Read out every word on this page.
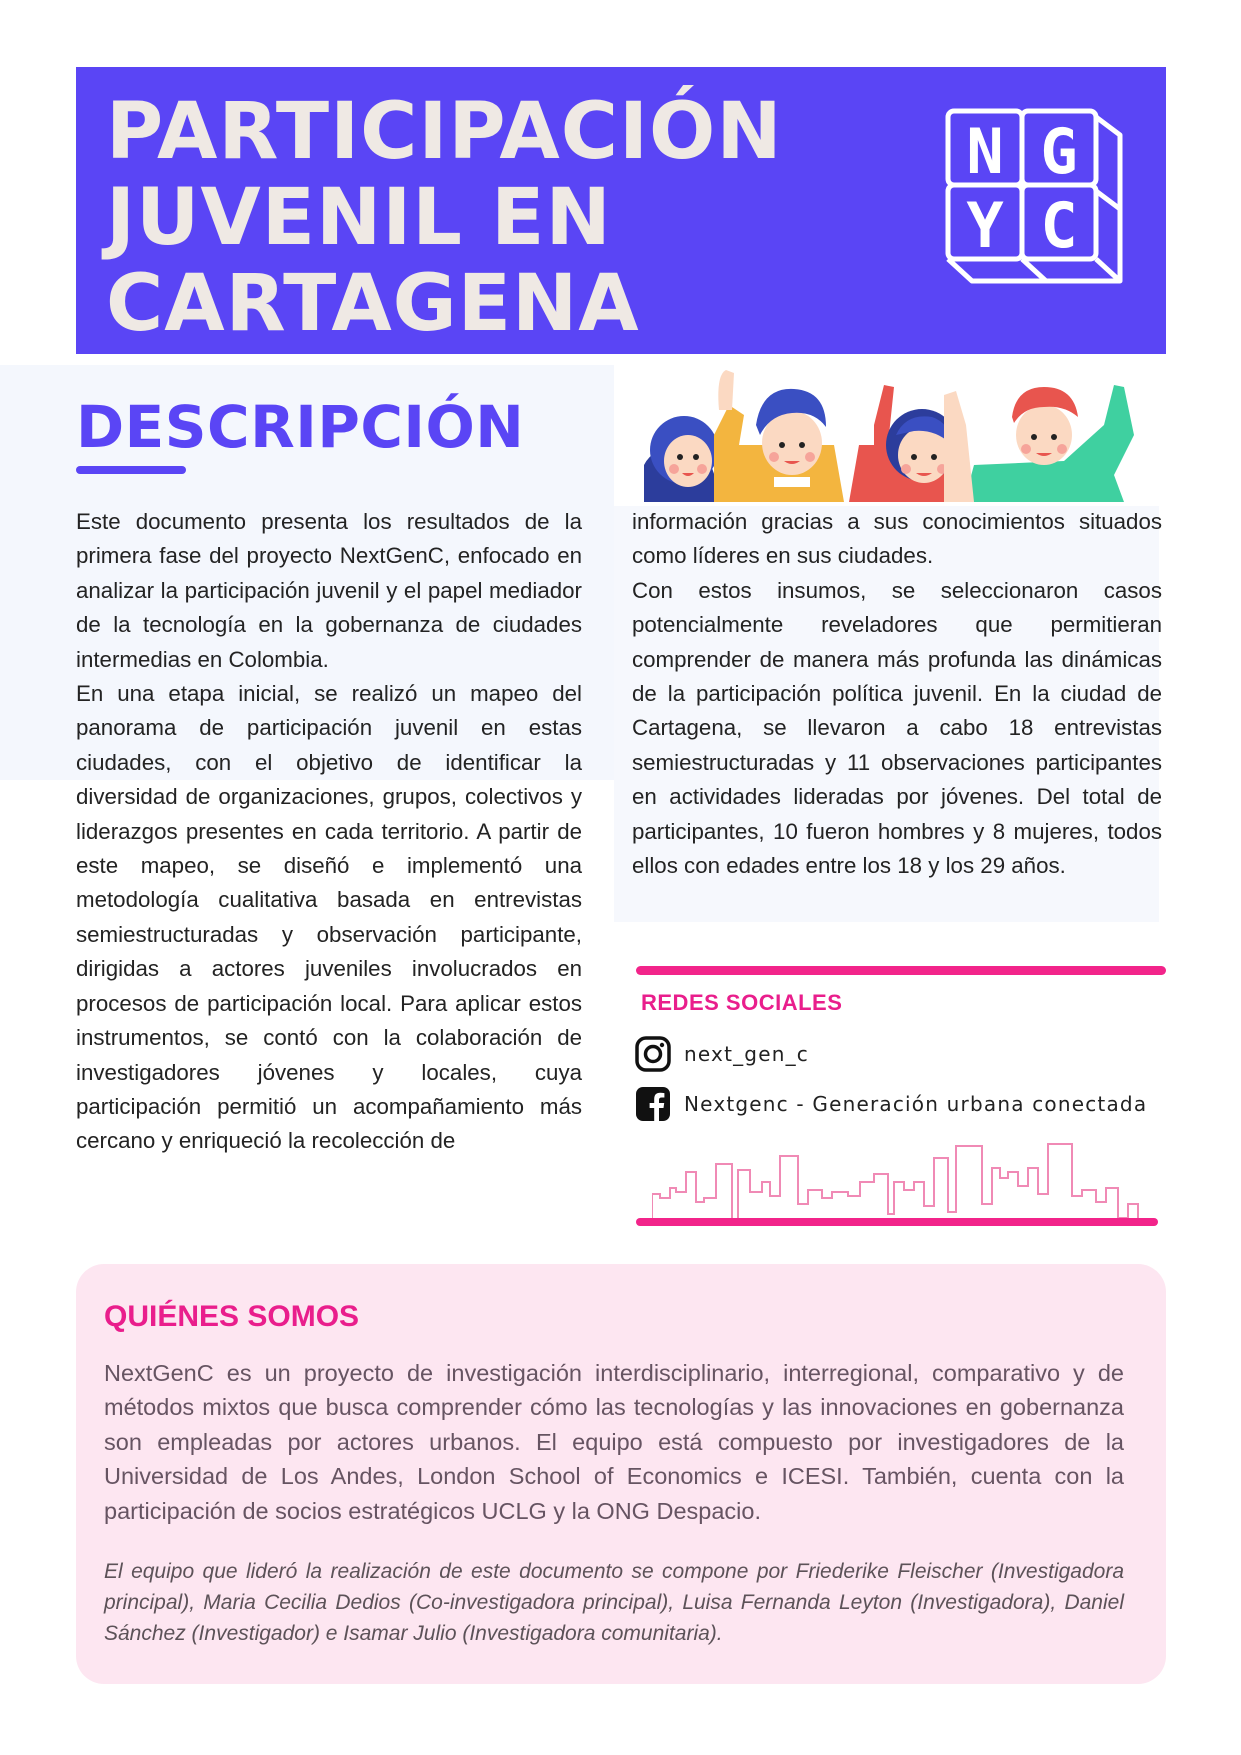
PARTICIPACIÓN
JUVENIL EN
CARTAGENA
N G
Y C
DESCRIPCIÓN

Este documento presenta los resultados de la primera fase del proyecto NextGenC, enfocado en analizar la participación juvenil y el papel mediador de la tecnología en la gobernanza de ciudades intermedias en Colombia.

En una etapa inicial, se realizó un mapeo del panorama de participación juvenil en estas ciudades, con el objetivo de identificar la diversidad de organizaciones, grupos, colectivos y liderazgos presentes en cada territorio. A partir de este mapeo, se diseñó e implementó una metodología cualitativa basada en entrevistas semiestructuradas y observación participante, dirigidas a actores juveniles involucrados en procesos de participación local. Para aplicar estos instrumentos, se contó con la colaboración de investigadores jóvenes y locales, cuya participación permitió un acompañamiento más cercano y enriqueció la recolección de

información gracias a sus conocimientos situados como líderes en sus ciudades.

Con estos insumos, se seleccionaron casos potencialmente reveladores que permitieran comprender de manera más profunda las dinámicas de la participación política juvenil. En la ciudad de Cartagena, se llevaron a cabo 18 entrevistas semiestructuradas y 11 observaciones participantes en actividades lideradas por jóvenes. Del total de participantes, 10 fueron hombres y 8 mujeres, todos ellos con edades entre los 18 y los 29 años.

REDES SOCIALES
next_gen_c
Nextgenc - Generación urbana conectada
QUIÉNES SOMOS

NextGenC es un proyecto de investigación interdisciplinario, interregional, comparativo y de métodos mixtos que busca comprender cómo las tecnologías y las innovaciones en gobernanza son empleadas por actores urbanos. El equipo está compuesto por investigadores de la Universidad de Los Andes, London School of Economics e ICESI. También, cuenta con la participación de socios estratégicos UCLG y la ONG Despacio.

El equipo que lideró la realización de este documento se compone por Friederike Fleischer (Investigadora principal), Maria Cecilia Dedios (Co-investigadora principal), Luisa Fernanda Leyton (Investigadora), Daniel Sánchez (Investigador) e Isamar Julio (Investigadora comunitaria).
